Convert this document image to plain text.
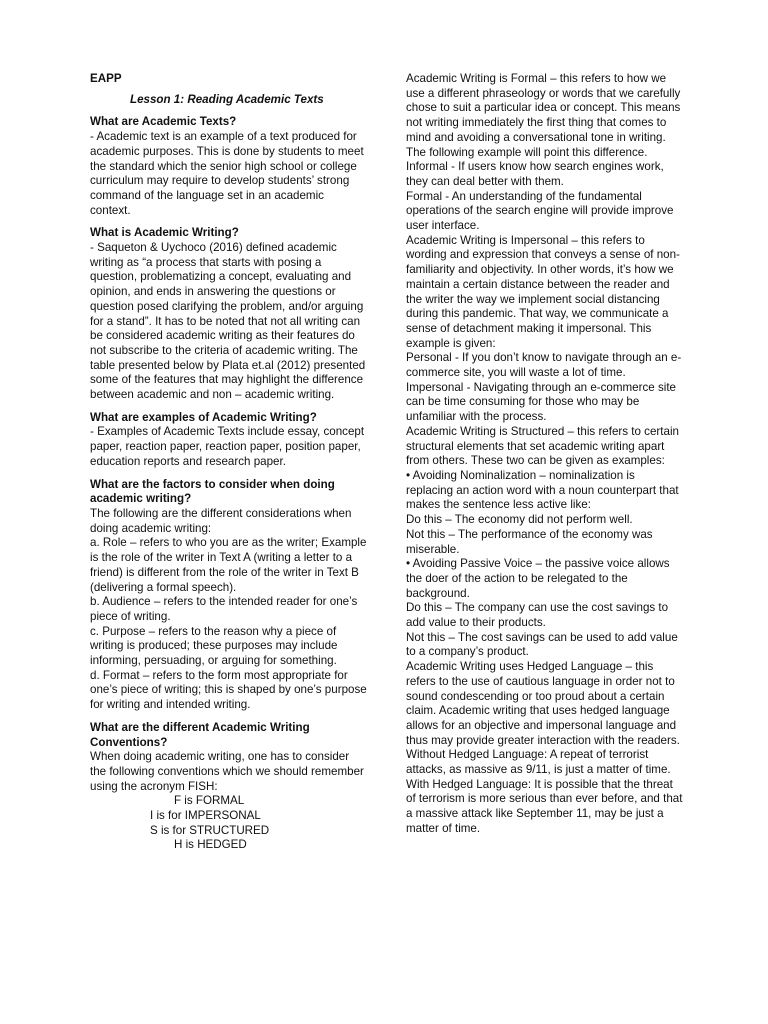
EAPP

Lesson 1: Reading Academic Texts

What are Academic Texts?

- Academic text is an example of a text produced for academic purposes. This is done by students to meet the standard which the senior high school or college curriculum may require to develop students’ strong command of the language set in an academic context.

What is Academic Writing?

- Saqueton & Uychoco (2016) defined academic writing as “a process that starts with posing a question, problematizing a concept, evaluating and opinion, and ends in answering the questions or question posed clarifying the problem, and/or arguing for a stand”. It has to be noted that not all writing can be considered academic writing as their features do not subscribe to the criteria of academic writing. The table presented below by Plata et.al (2012) presented some of the features that may highlight the difference between academic and non – academic writing.

What are examples of Academic Writing?

- Examples of Academic Texts include essay, concept paper, reaction paper, reaction paper, position paper, education reports and research paper.

What are the factors to consider when doing academic writing?

The following are the different considerations when doing academic writing:

a. Role – refers to who you are as the writer; Example is the role of the writer in Text A (writing a letter to a friend) is different from the role of the writer in Text B (delivering a formal speech).

b. Audience – refers to the intended reader for one’s piece of writing.

c. Purpose – refers to the reason why a piece of writing is produced; these purposes may include informing, persuading, or arguing for something.

d. Format – refers to the form most appropriate for one’s piece of writing; this is shaped by one’s purpose for writing and intended writing.

What are the different Academic Writing Conventions?

When doing academic writing, one has to consider the following conventions which we should remember using the acronym FISH:

F is FORMAL

I is for IMPERSONAL

S is for STRUCTURED

H is HEDGED

Academic Writing is Formal – this refers to how we use a different phraseology or words that we carefully chose to suit a particular idea or concept. This means not writing immediately the first thing that comes to mind and avoiding a conversational tone in writing. The following example will point this difference.

Informal - If users know how search engines work, they can deal better with them.

Formal - An understanding of the fundamental operations of the search engine will provide improve user interface.

Academic Writing is Impersonal – this refers to wording and expression that conveys a sense of non-familiarity and objectivity. In other words, it’s how we maintain a certain distance between the reader and the writer the way we implement social distancing during this pandemic. That way, we communicate a sense of detachment making it impersonal. This example is given:

Personal - If you don’t know to navigate through an e-commerce site, you will waste a lot of time.

Impersonal - Navigating through an e-commerce site can be time consuming for those who may be unfamiliar with the process.

Academic Writing is Structured – this refers to certain structural elements that set academic writing apart from others. These two can be given as examples:

• Avoiding Nominalization – nominalization is replacing an action word with a noun counterpart that makes the sentence less active like:

Do this – The economy did not perform well.

Not this – The performance of the economy was miserable.

• Avoiding Passive Voice – the passive voice allows the doer of the action to be relegated to the background.

Do this – The company can use the cost savings to add value to their products.

Not this – The cost savings can be used to add value to a company’s product.

Academic Writing uses Hedged Language – this refers to the use of cautious language in order not to sound condescending or too proud about a certain claim. Academic writing that uses hedged language allows for an objective and impersonal language and thus may provide greater interaction with the readers.

Without Hedged Language: A repeat of terrorist attacks, as massive as 9/11, is just a matter of time.

With Hedged Language: It is possible that the threat of terrorism is more serious than ever before, and that a massive attack like September 11, may be just a matter of time.
